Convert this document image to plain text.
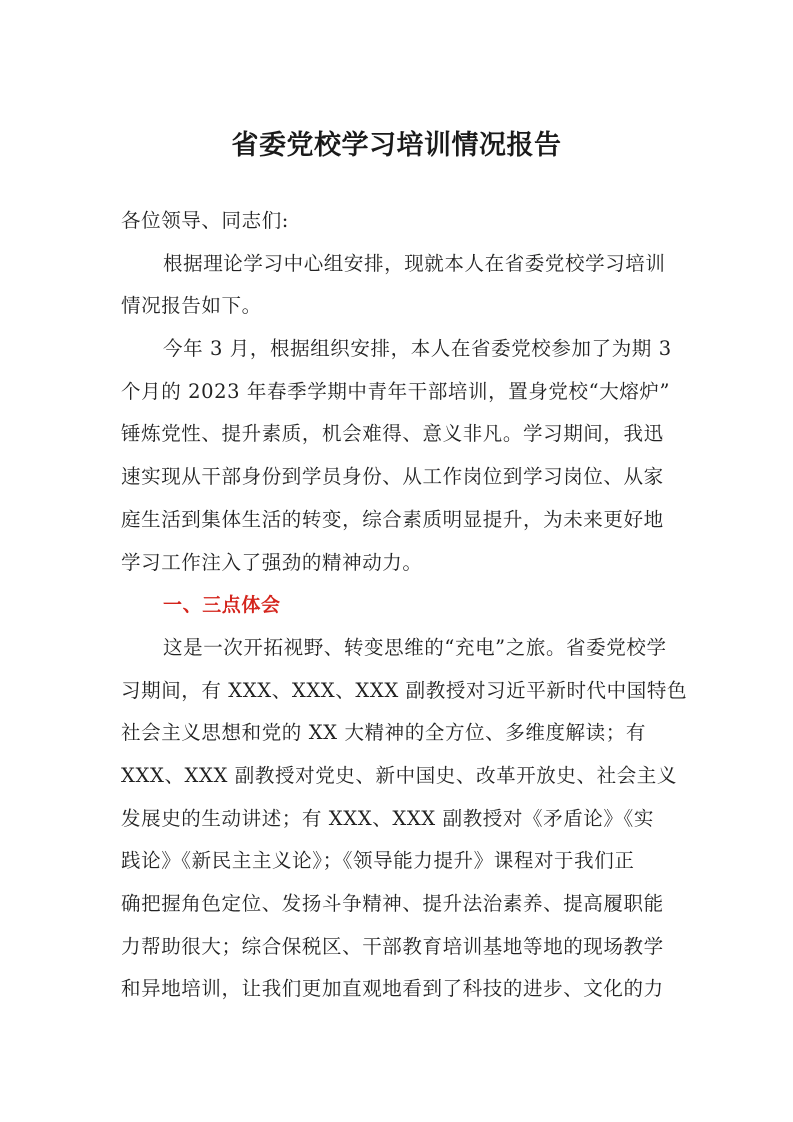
省委党校学习培训情况报告
各位领导、同志们:
根据理论学习中心组安排，现就本人在省委党校学习培训
情况报告如下。
今年 3 月，根据组织安排，本人在省委党校参加了为期 3
个月的 2023 年春季学期中青年干部培训，置身党校“大熔炉”
锤炼党性、提升素质，机会难得、意义非凡。学习期间，我迅
速实现从干部身份到学员身份、从工作岗位到学习岗位、从家
庭生活到集体生活的转变，综合素质明显提升，为未来更好地
学习工作注入了强劲的精神动力。
一、三点体会
这是一次开拓视野、转变思维的“充电”之旅。省委党校学
习期间，有 XXX、XXX、XXX 副教授对习近平新时代中国特色
社会主义思想和党的 XX 大精神的全方位、多维度解读；有
XXX、XXX 副教授对党史、新中国史、改革开放史、社会主义
发展史的生动讲述；有 XXX、XXX 副教授对《矛盾论》《实
践论》《新民主主义论》；《领导能力提升》课程对于我们正
确把握角色定位、发扬斗争精神、提升法治素养、提高履职能
力帮助很大；综合保税区、干部教育培训基地等地的现场教学
和异地培训，让我们更加直观地看到了科技的进步、文化的力
